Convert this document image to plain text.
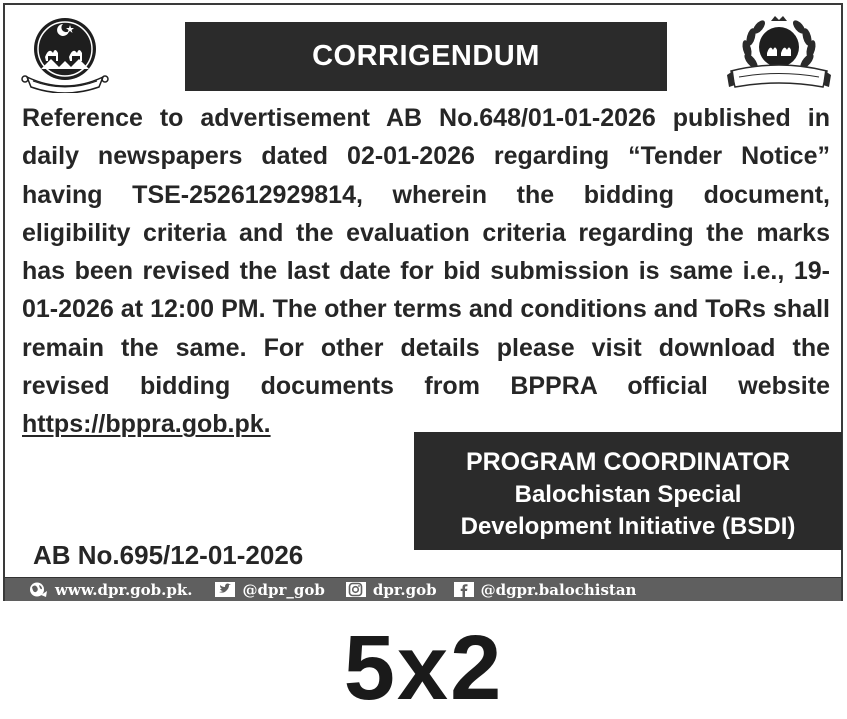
CORRIGENDUM
Reference to advertisement AB No.648/01-01-2026 published in daily newspapers dated 02-01-2026 regarding “Tender Notice” having TSE-252612929814, wherein the bidding document, eligibility criteria and the evaluation criteria regarding the marks has been revised the last date for bid submission is same i.e., 19-01-2026 at 12:00 PM. The other terms and conditions and ToRs shall remain the same. For other details please visit download the revised bidding documents from BPPRA official website https://bppra.gob.pk.
PROGRAM COORDINATOR
Balochistan Special
Development Initiative (BSDI)
AB No.695/12-01-2026
www.dpr.gob.pk.	@dpr_gob	dpr.gob	@dgpr.balochistan
5x2
